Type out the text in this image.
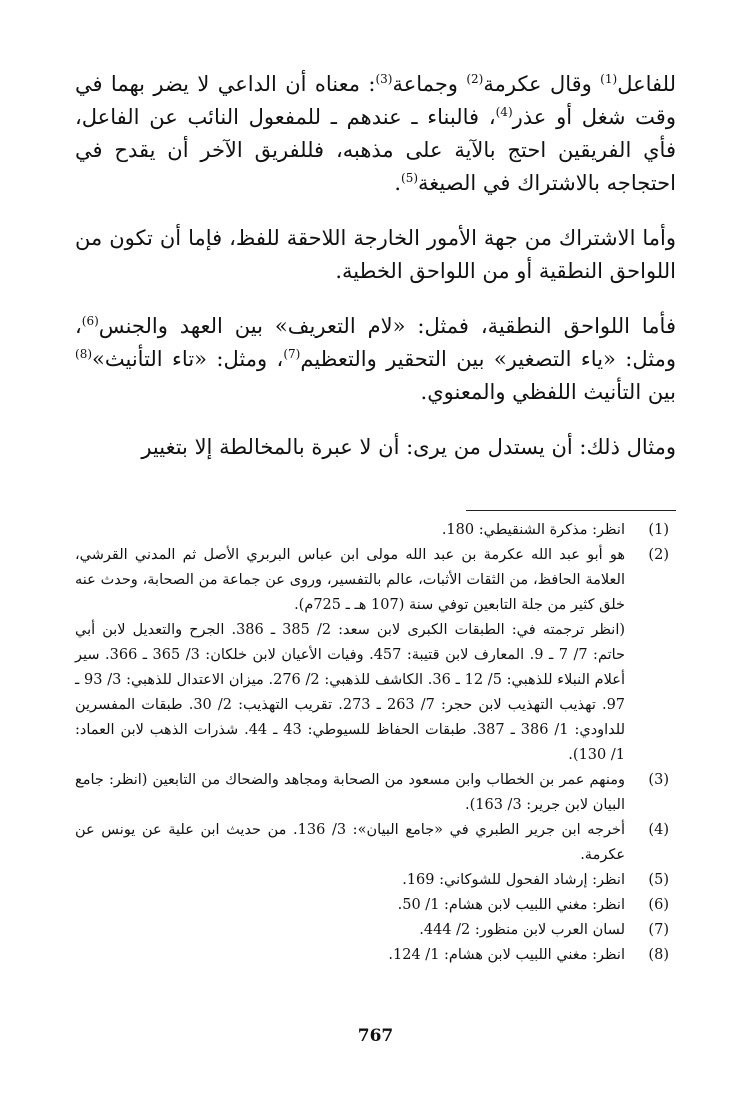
للفاعل$^{(1)}$ وقال عكرمة$^{(2)}$ وجماعة$^{(3)}$: معناه أن الداعي لا يضر بهما في وقت شغل أو عذر$^{(4)}$، فالبناء ـ عندهم ـ للمفعول النائب عن الفاعل، فأي الفريقين احتج بالآية على مذهبه، فللفريق الآخر أن يقدح في احتجاجه بالاشتراك في الصيغة$^{(5)}$.

وأما الاشتراك من جهة الأمور الخارجة اللاحقة للفظ، فإما أن تكون من اللواحق النطقية أو من اللواحق الخطية.

فأما اللواحق النطقية، فمثل: «لام التعريف» بين العهد والجنس$^{(6)}$، ومثل: «ياء التصغير» بين التحقير والتعظيم$^{(7)}$، ومثل: «تاء التأنيث»$^{(8)}$ بين التأنيث اللفظي والمعنوي.

ومثال ذلك: أن يستدل من يرى: أن لا عبرة بالمخالطة إلا بتغيير

(1)

انظر: مذكرة الشنقيطي: 180.

(2)

هو أبو عبد الله عكرمة بن عبد الله مولى ابن عباس البربري الأصل ثم المدني القرشي، العلامة الحافظ، من الثقات الأثبات، عالم بالتفسير، وروى عن جماعة من الصحابة، وحدث عنه خلق كثير من جلة التابعين توفي سنة (107 هـ ـ 725م).

(انظر ترجمته في: الطبقات الكبرى لابن سعد: 2/ 385 ـ 386. الجرح والتعديل لابن أبي حاتم: 7/ 7 ـ 9. المعارف لابن قتيبة: 457. وفيات الأعيان لابن خلكان: 3/ 365 ـ 366. سير أعلام النبلاء للذهبي: 5/ 12 ـ 36. الكاشف للذهبي: 2/ 276. ميزان الاعتدال للذهبي: 3/ 93 ـ 97. تهذيب التهذيب لابن حجر: 7/ 263 ـ 273. تقريب التهذيب: 2/ 30. طبقات المفسرين للداودي: 1/ 386 ـ 387. طبقات الحفاظ للسيوطي: 43 ـ 44. شذرات الذهب لابن العماد: 1/ 130).

(3)

ومنهم عمر بن الخطاب وابن مسعود من الصحابة ومجاهد والضحاك من التابعين (انظر: جامع البيان لابن جرير: 3/ 163).

(4)

أخرجه ابن جرير الطبري في «جامع البيان»: 3/ 136. من حديث ابن علية عن يونس عن عكرمة.

(5)

انظر: إرشاد الفحول للشوكاني: 169.

(6)

انظر: مغني اللبيب لابن هشام: 1/ 50.

(7)

لسان العرب لابن منظور: 2/ 444.

(8)

انظر: مغني اللبيب لابن هشام: 1/ 124.

767
